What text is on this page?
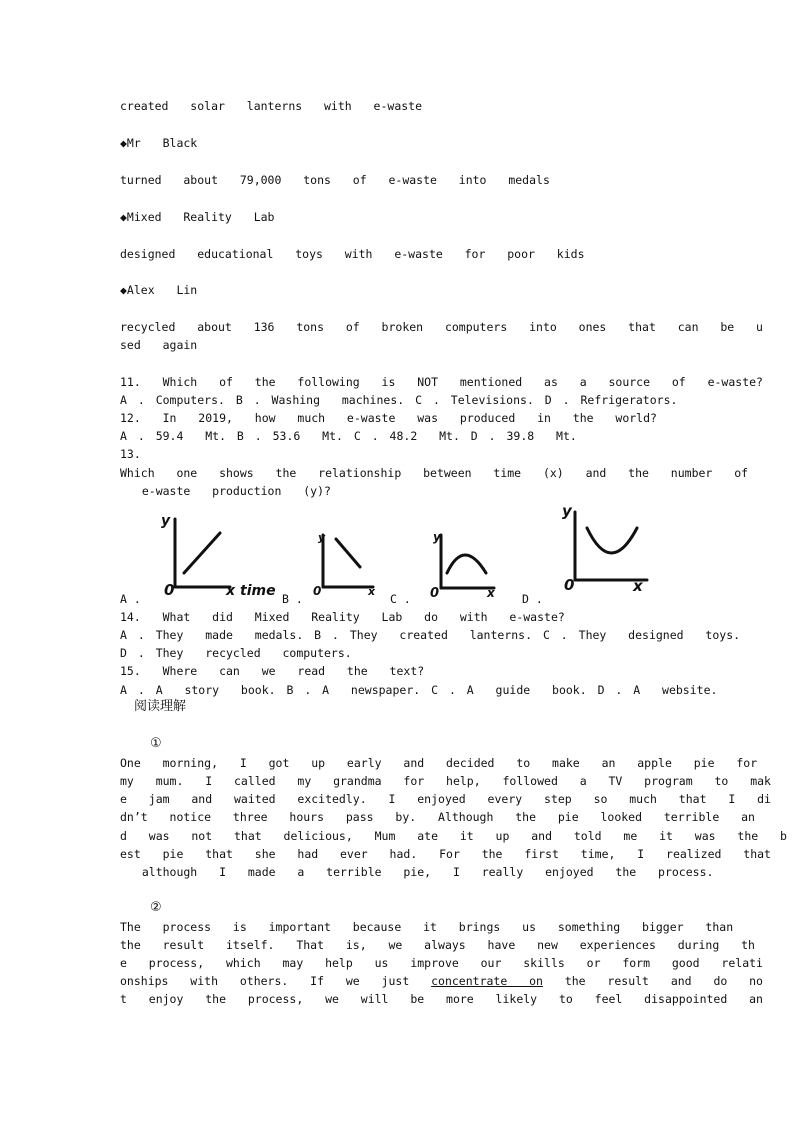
created  solar  lanterns  with  e-waste
◆Mr  Black
turned  about  79,000  tons  of  e-waste  into  medals
◆Mixed  Reality  Lab
designed  educational  toys  with  e-waste  for  poor  kids
◆Alex  Lin
recycled  about  136  tons  of  broken  computers  into  ones  that  can  be  u
sed  again
11.  Which  of  the  following  is  NOT  mentioned  as  a  source  of  e-waste?
A . Computers. B . Washing  machines. C . Televisions. D . Refrigerators.
12.  In  2019,  how  much  e-waste  was  produced  in  the  world?
A . 59.4  Mt. B . 53.6  Mt. C . 48.2  Mt. D . 39.8  Mt.
13.
Which  one  shows  the  relationship  between  time  (x)  and  the  number  of
e-waste  production  (y)?
A .	B .	C .	D .
y
0	x time
y
0	x
y
0	x
y
0	x
14.  What  did  Mixed  Reality  Lab  do  with  e-waste?
A . They  made  medals. B . They  created  lanterns. C . They  designed  toys.
D . They  recycled  computers.
15.  Where  can  we  read  the  text?
A . A  story  book. B . A  newspaper. C . A  guide  book. D . A  website.
阅读理解
①
One  morning,  I  got  up  early  and  decided  to  make  an  apple  pie  for
my  mum.  I  called  my  grandma  for  help,  followed  a  TV  program  to  mak
e  jam  and  waited  excitedly.  I  enjoyed  every  step  so  much  that  I  di
dn’t  notice  three  hours  pass  by.  Although  the  pie  looked  terrible  an
d  was  not  that  delicious,  Mum  ate  it  up  and  told  me  it  was  the  b
est  pie  that  she  had  ever  had.  For  the  first  time,  I  realized  that
although  I  made  a  terrible  pie,  I  really  enjoyed  the  process.
②
The  process  is  important  because  it  brings  us  something  bigger  than
the  result  itself.  That  is,  we  always  have  new  experiences  during  th
e  process,  which  may  help  us  improve  our  skills  or  form  good  relati
onships  with  others.  If  we  just  concentrate  on  the  result  and  do  no
t  enjoy  the  process,  we  will  be  more  likely  to  feel  disappointed  an
